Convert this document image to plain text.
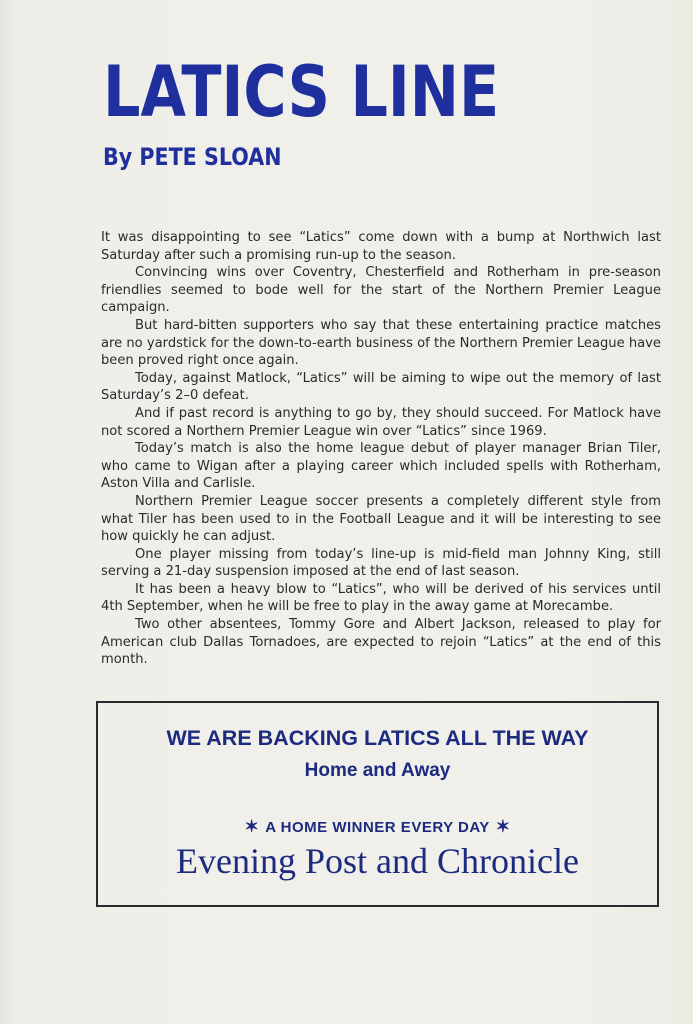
LATICS LINE
By PETE SLOAN

It was disappointing to see “Latics” come down with a bump at Northwich last Saturday after such a promising run-up to the season.

Convincing wins over Coventry, Chesterfield and Rotherham in pre-season friendlies seemed to bode well for the start of the Northern Premier League campaign.

But hard-bitten supporters who say that these entertaining practice matches are no yardstick for the down-to-earth business of the Northern Premier League have been proved right once again.

Today, against Matlock, “Latics” will be aiming to wipe out the memory of last Saturday’s 2–0 defeat.

And if past record is anything to go by, they should succeed. For Matlock have not scored a Northern Premier League win over “Latics” since 1969.

Today’s match is also the home league debut of player manager Brian Tiler, who came to Wigan after a playing career which included spells with Rotherham, Aston Villa and Carlisle.

Northern Premier League soccer presents a completely different style from what Tiler has been used to in the Football League and it will be interesting to see how quickly he can adjust.

One player missing from today’s line-up is mid-field man Johnny King, still serving a 21-day suspension imposed at the end of last season.

It has been a heavy blow to “Latics”, who will be derived of his services until 4th September, when he will be free to play in the away game at Morecambe.

Two other absentees, Tommy Gore and Albert Jackson, released to play for American club Dallas Tornadoes, are expected to rejoin “Latics” at the end of this month.

WE ARE BACKING LATICS ALL THE WAY
Home and Away
✶ A HOME WINNER EVERY DAY ✶
Evening Post and Chronicle
